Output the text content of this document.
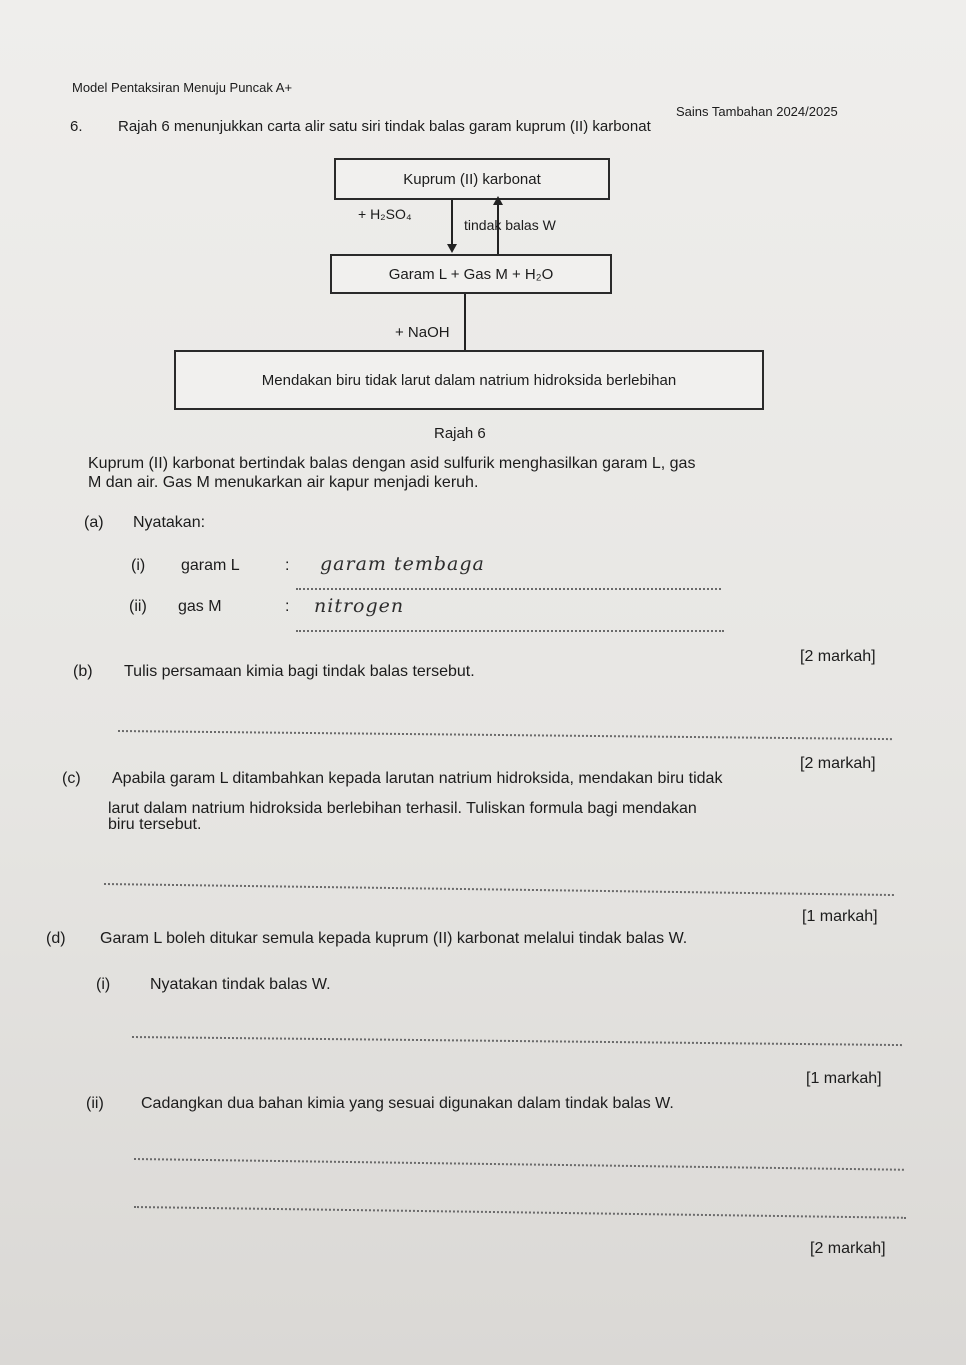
Model Pentaksiran Menuju Puncak A+
Sains Tambahan 2024/2025
6. Rajah 6 menunjukkan carta alir satu siri tindak balas garam kuprum (II) karbonat
Kuprum (II) karbonat
+ H₂SO₄
tindak balas W
Garam L + Gas M + H₂O
+ NaOH
Mendakan biru tidak larut dalam natrium hidroksida berlebihan
Rajah 6
Kuprum (II) karbonat bertindak balas dengan asid sulfurik menghasilkan garam L, gas
M dan air. Gas M menukarkan air kapur menjadi keruh.
(a) Nyatakan:
(i) garam L	: garam tembaga
(ii) gas M	: nitrogen
[2 markah]
(b) Tulis persamaan kimia bagi tindak balas tersebut.
[2 markah]
(c) Apabila garam L ditambahkan kepada larutan natrium hidroksida, mendakan biru tidak
larut dalam natrium hidroksida berlebihan terhasil. Tuliskan formula bagi mendakan
biru tersebut.
[1 markah]
(d) Garam L boleh ditukar semula kepada kuprum (II) karbonat melalui tindak balas W.
(i) Nyatakan tindak balas W.
[1 markah]
(ii) Cadangkan dua bahan kimia yang sesuai digunakan dalam tindak balas W.
[2 markah]
